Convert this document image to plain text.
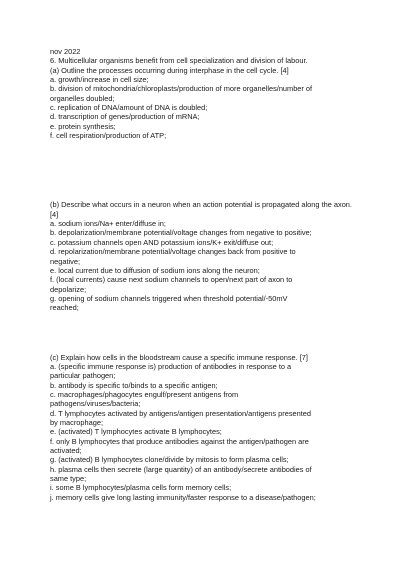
nov 2022

6. Multicellular organisms benefit from cell specialization and division of labour.

(a) Outline the processes occurring during interphase in the cell cycle. [4]

a. growth/increase in cell size;

b. division of mitochondria/chloroplasts/production of more organelles/number of

organelles doubled;

c. replication of DNA/amount of DNA is doubled;

d. transcription of genes/production of mRNA;

e. protein synthesis;

f. cell respiration/production of ATP;

(b) Describe what occurs in a neuron when an action potential is propagated along the axon.

[4]

a. sodium ions/Na+ enter/diffuse in;

b. depolarization/membrane potential/voltage changes from negative to positive;

c. potassium channels open AND potassium ions/K+ exit/diffuse out;

d. repolarization/membrane potential/voltage changes back from positive to

negative;

e. local current due to diffusion of sodium ions along the neuron;

f. (local currents) cause next sodium channels to open/next part of axon to

depolarize;

g. opening of sodium channels triggered when threshold potential/-50mV

reached;

(c) Explain how cells in the bloodstream cause a specific immune response. [7]

a. (specific immune response is) production of antibodies in response to a

particular pathogen;

b. antibody is specific to/binds to a specific antigen;

c. macrophages/phagocytes engulf/present antigens from

pathogens/viruses/bacteria;

d. T lymphocytes activated by antigens/antigen presentation/antigens presented

by macrophage;

e. (activated) T lymphocytes activate B lymphocytes;

f. only B lymphocytes that produce antibodies against the antigen/pathogen are

activated;

g. (activated) B lymphocytes clone/divide by mitosis to form plasma cells;

h. plasma cells then secrete (large quantity) of an antibody/secrete antibodies of

same type;

i. some B lymphocytes/plasma cells form memory cells;

j. memory cells give long lasting immunity/faster response to a disease/pathogen;
